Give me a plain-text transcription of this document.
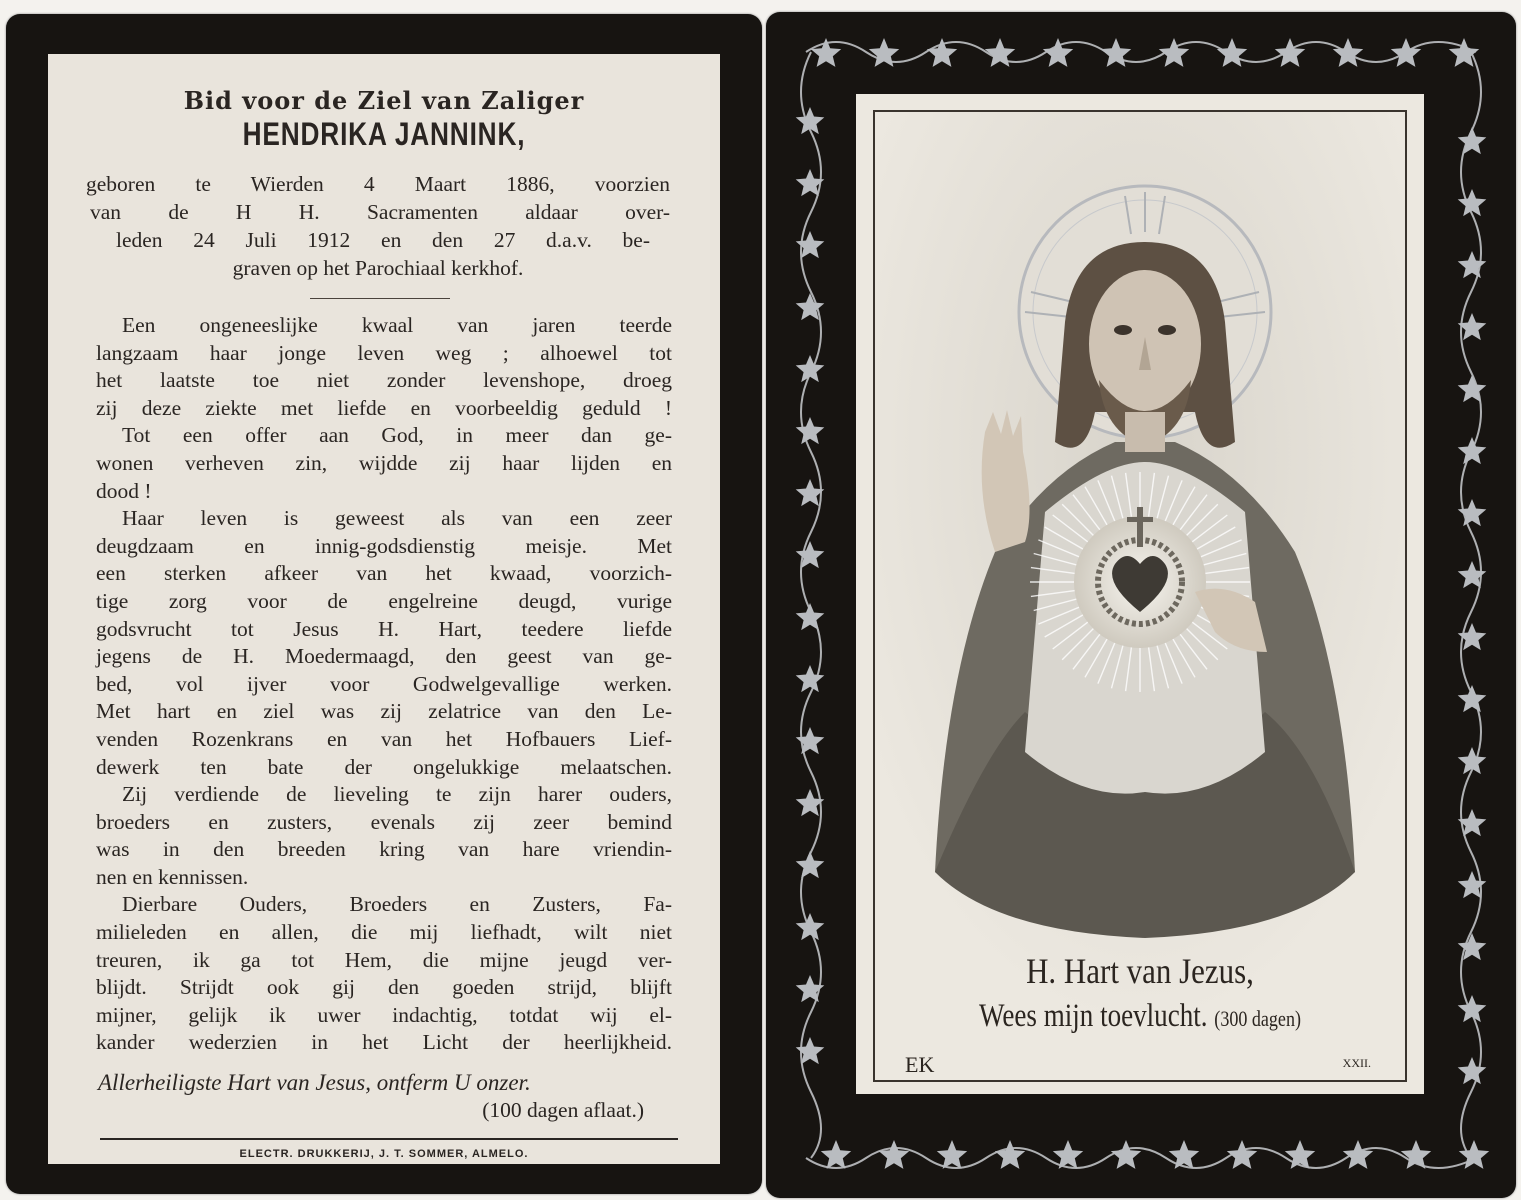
Bid voor de Ziel van Zaliger
HENDRIKA JANNINK,
geboren te Wierden 4 Maart 1886, voorzien
van de H H. Sacramenten aldaar over-
leden 24 Juli 1912 en den 27 d.a.v. be-
graven op het Parochiaal kerkhof.
Een ongeneeslijke kwaal van jaren teerde
langzaam haar jonge leven weg ; alhoewel tot
het laatste toe niet zonder levenshope, droeg
zij deze ziekte met liefde en voorbeeldig geduld !
Tot een offer aan God, in meer dan ge-
wonen verheven zin, wijdde zij haar lijden en
dood !
Haar leven is geweest als van een zeer
deugdzaam en innig-godsdienstig meisje. Met
een sterken afkeer van het kwaad, voorzich-
tige zorg voor de engelreine deugd, vurige
godsvrucht tot Jesus H. Hart, teedere liefde
jegens de H. Moedermaagd, den geest van ge-
bed, vol ijver voor Godwelgevallige werken.
Met hart en ziel was zij zelatrice van den Le-
venden Rozenkrans en van het Hofbauers Lief-
dewerk ten bate der ongelukkige melaatschen.
Zij verdiende de lieveling te zijn harer ouders,
broeders en zusters, evenals zij zeer bemind
was in den breeden kring van hare vriendin-
nen en kennissen.
Dierbare Ouders, Broeders en Zusters, Fa-
milieleden en allen, die mij liefhadt, wilt niet
treuren, ik ga tot Hem, die mijne jeugd ver-
blijdt. Strijdt ook gij den goeden strijd, blijft
mijner, gelijk ik uwer indachtig, totdat wij el-
kander wederzien in het Licht der heerlijkheid.
Allerheiligste Hart van Jesus, ontferm U onzer.
(100 dagen aflaat.)
ELECTR. DRUKKERIJ, J. T. SOMMER, ALMELO.
H. Hart van Jezus,
Wees mijn toevlucht. (300 dagen)
EK	XXII.
